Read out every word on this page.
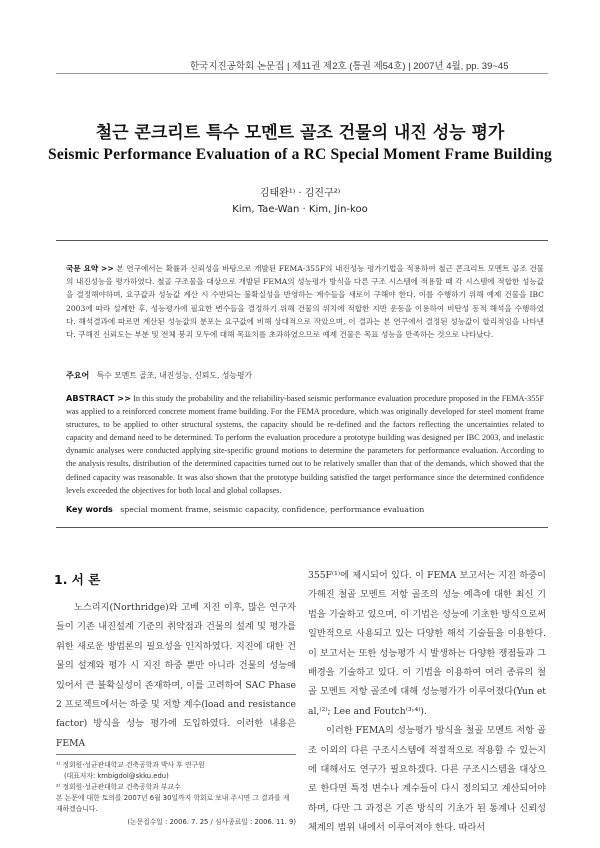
한국지진공학회 논문집 | 제11권 제2호 (통권 제54호) | 2007년 4월, pp. 39~45
철근 콘크리트 특수 모멘트 골조 건물의 내진 성능 평가
Seismic Performance Evaluation of a RC Special Moment Frame Building
김태완¹⁾ · 김진구²⁾
Kim, Tae-Wan · Kim, Jin-koo
국문 요약 >> 본 연구에서는 확률과 신뢰성을 바탕으로 개발된 FEMA-355F의 내진성능 평가기법을 적용하여 철근 콘크리트 모멘트 골조 건물의 내진성능을 평가하였다. 철골 구조물을 대상으로 개발된 FEMA의 성능평가 방식을 다른 구조 시스템에 적용할 때 각 시스템에 적합한 성능값을 결정해야하며, 요구값과 성능값 계산 시 수반되는 불확실성을 반영하는 계수들을 새로이 구해야 한다. 이를 수행하기 위해 예제 건물을 IBC 2003에 따라 설계한 후, 성능평가에 필요한 변수들을 결정하기 위해 건물의 위치에 적합한 지반 운동을 이용하여 비탄성 동적 해석을 수행하였다. 해석결과에 따르면 계산된 성능값의 분포는 요구값에 비해 상대적으로 작았으며, 이 결과는 본 연구에서 결정된 성능값이 합리적임을 나타낸다. 구해진 신뢰도는 부분 및 전체 붕괴 모두에 대해 목표치를 초과하였으므로 예제 건물은 목표 성능을 만족하는 것으로 나타났다.
주요어 특수 모멘트 골조, 내진성능, 신뢰도, 성능평가
ABSTRACT >> In this study the probability and the reliability-based seismic performance evaluation procedure proposed in the FEMA-355F was applied to a reinforced concrete moment frame building. For the FEMA procedure, which was originally developed for steel moment frame structures, to be applied to other structural systems, the capacity should be re-defined and the factors reflecting the uncertainties related to capacity and demand need to be determined. To perform the evaluation procedure a prototype building was designed per IBC 2003, and inelastic dynamic analyses were conducted applying site-specific ground motions to determine the parameters for performance evaluation. According to the analysis results, distribution of the determined capacities turned out to be relatively smaller than that of the demands, which showed that the defined capacity was reasonable. It was also shown that the prototype building satisfied the target performance since the determined confidence levels exceeded the objectives for both local and global collapses.
Key words special moment frame, seismic capacity, confidence, performance evaluation
1. 서 론

노스리지(Northridge)와 고베 지진 이후, 많은 연구자들이 기존 내진설계 기준의 취약점과 건물의 설계 및 평가를 위한 새로운 방법론의 필요성을 인지하였다. 지진에 대한 건물의 설계와 평가 시 지진 하중 뿐만 아니라 건물의 성능에 있어서 큰 불확실성이 존재하며, 이를 고려하여 SAC Phase 2 프로젝트에서는 하중 및 저항 계수(load and resistance factor) 방식을 성능 평가에 도입하였다. 이러한 내용은 FEMA

¹⁾ 정회원·성균관대학교 건축공학과 박사 후 연구원
(대표저자: kmbigdol@skku.edu)
²⁾ 정회원·성균관대학교 건축공학과 부교수
본 논문에 대한 토의를 2007년 6월 30일까지 학회로 보내 주시면 그 결과를 게재하겠습니다.
(논문접수일 : 2006. 7. 25 / 심사종료일 : 2006. 11. 9)

355F⁽¹⁾에 제시되어 있다. 이 FEMA 보고서는 지진 하중이 가해진 철골 모멘트 저항 골조의 성능 예측에 대한 최신 기법을 기술하고 있으며, 이 기법은 성능에 기초한 방식으로써 일반적으로 사용되고 있는 다양한 해석 기술들을 이용한다. 이 보고서는 또한 성능평가 시 발생하는 다양한 쟁점들과 그 배경을 기술하고 있다. 이 기법을 이용하여 여러 종류의 철골 모멘트 저항 골조에 대해 성능평가가 이루어졌다(Yun et al,⁽²⁾; Lee and Foutch⁽³˒⁴⁾).

이러한 FEMA의 성능평가 방식을 철골 모멘트 저항 골조 이외의 다른 구조시스템에 적절적으로 적용할 수 있는지에 대해서도 연구가 필요하겠다. 다른 구조시스템을 대상으로 한다면 특정 변수나 계수들이 다시 정의되고 계산되어야 하며, 다만 그 과정은 기존 방식의 기초가 된 통계나 신뢰성 체계의 범위 내에서 이루어져야 한다. 따라서
